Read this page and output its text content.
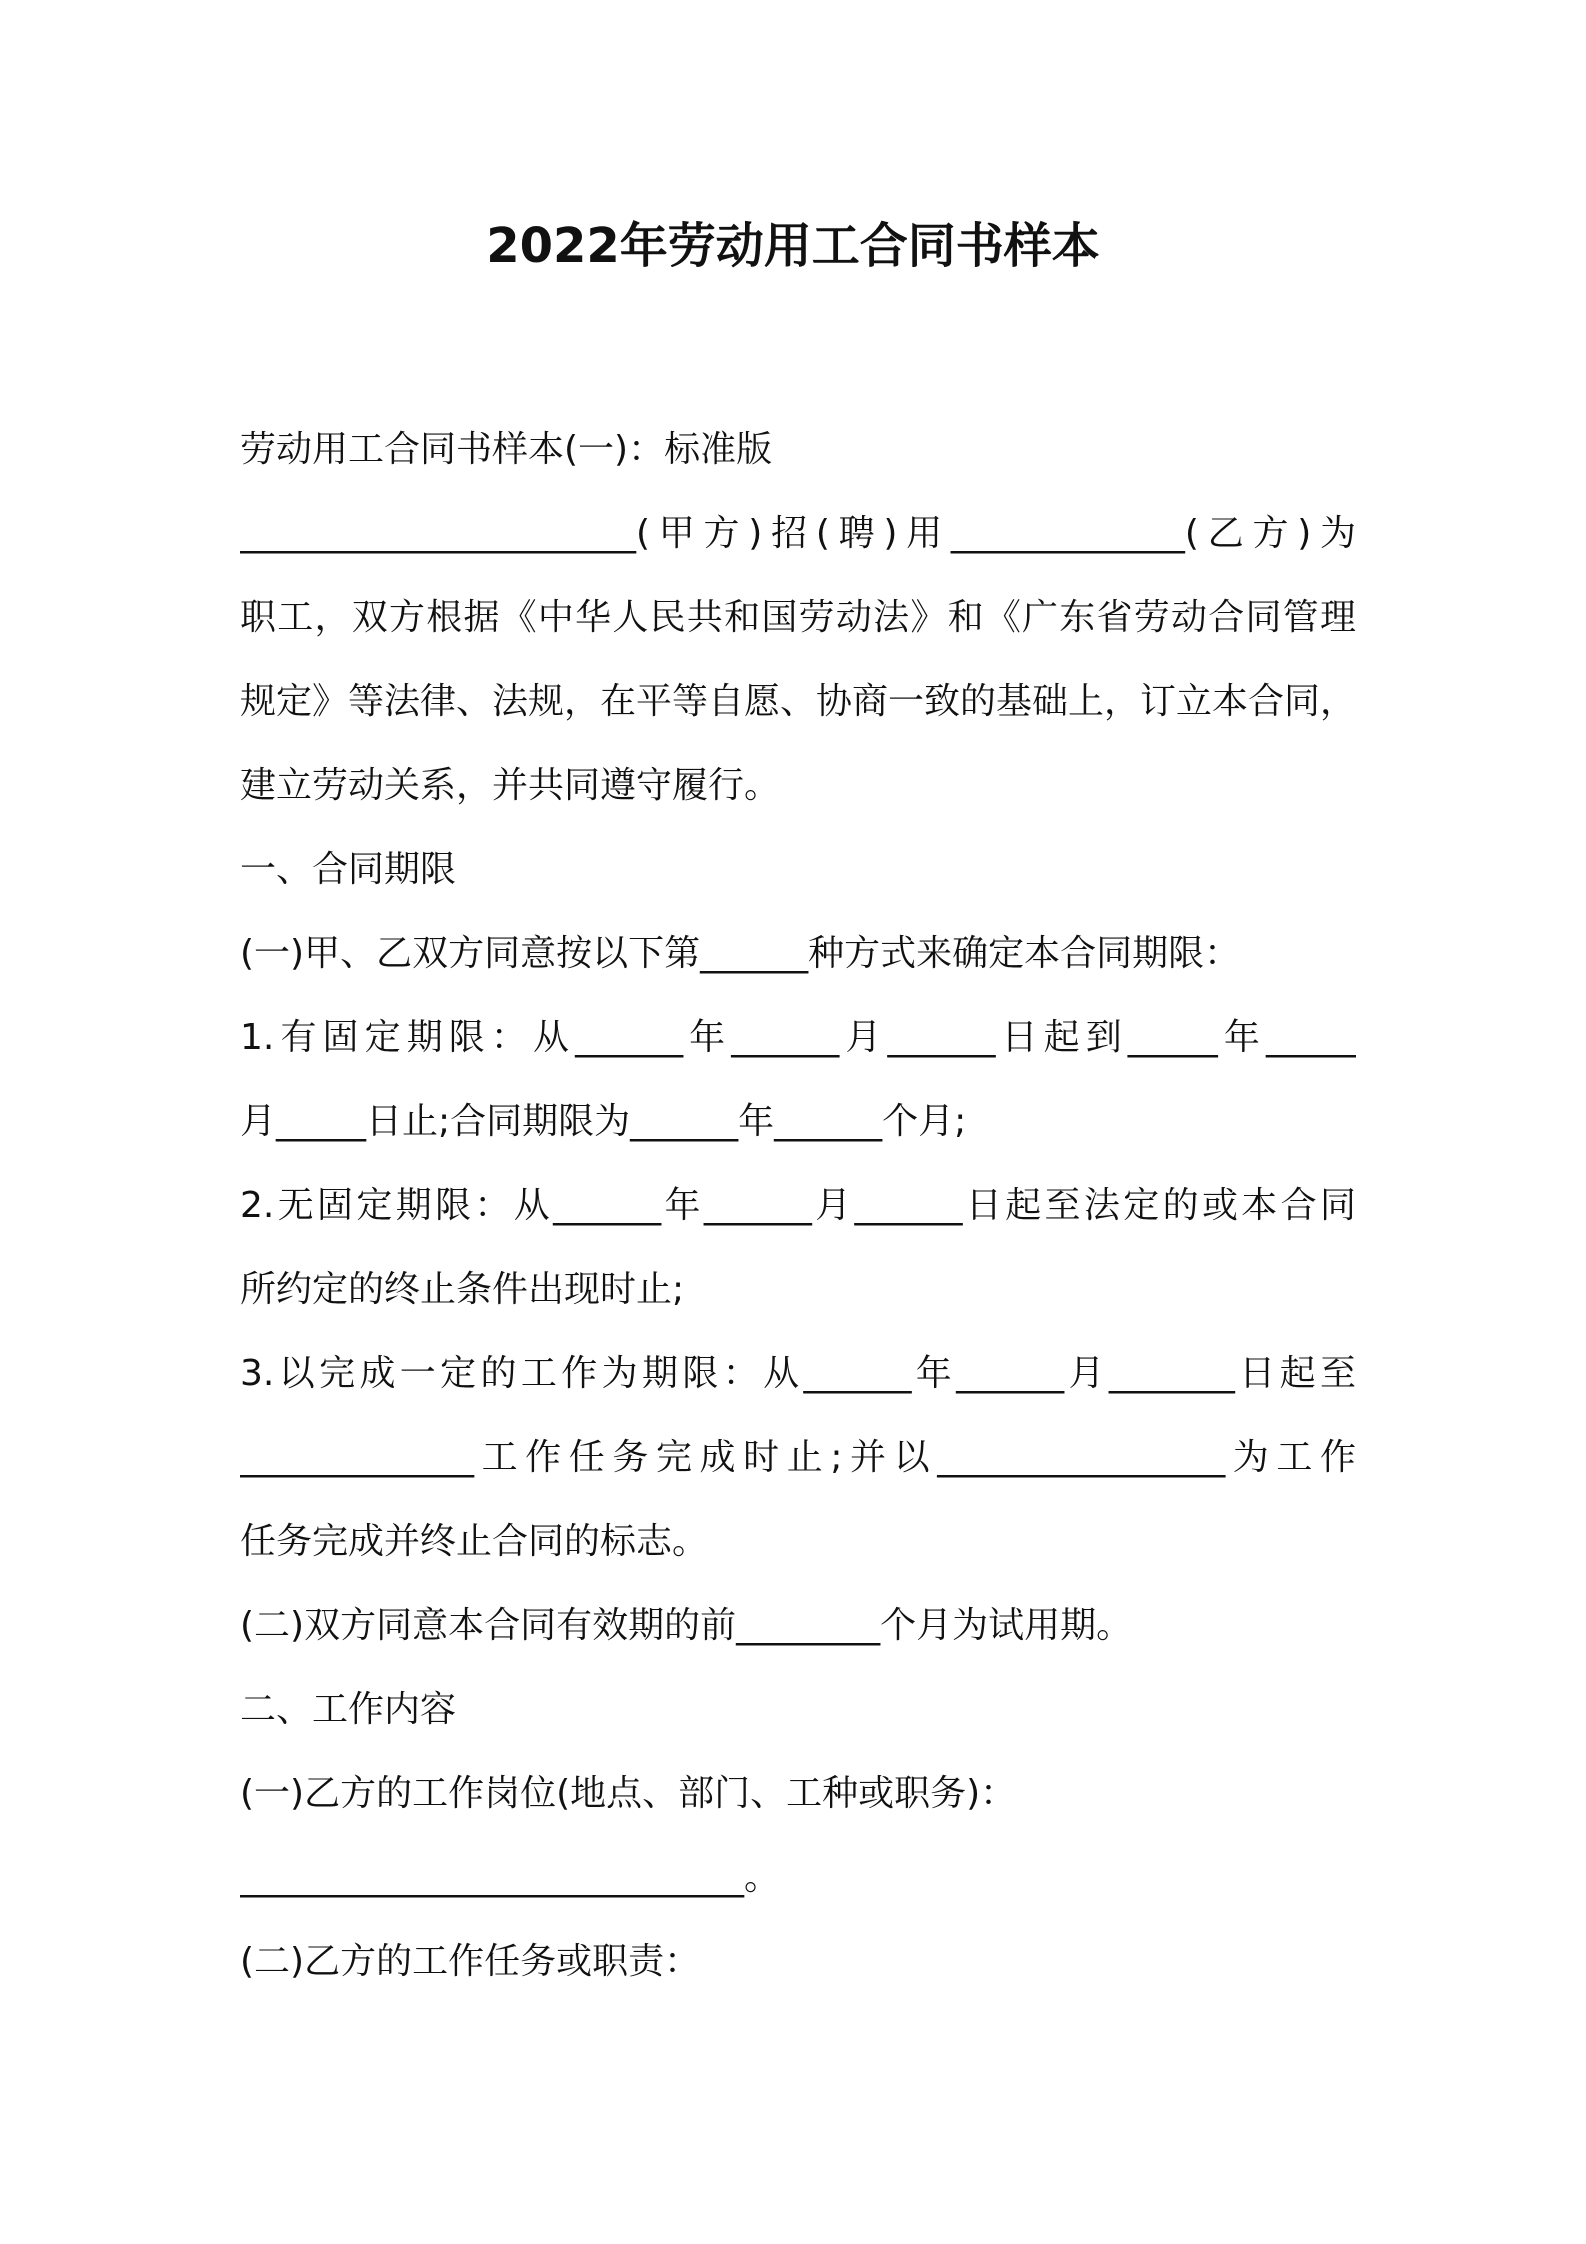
2022年劳动用工合同书样本
劳动用工合同书样本(一)：标准版
______________________(甲方)招(聘)用_____________(乙方)为
职工，双方根据《中华人民共和国劳动法》和《广东省劳动合同管理
规定》等法律、法规，在平等自愿、协商一致的基础上，订立本合同，
建立劳动关系，并共同遵守履行。
一、合同期限
(一)甲、乙双方同意按以下第______种方式来确定本合同期限：
1.有固定期限：从______年______月______日起到_____年_____
月_____日止;合同期限为______年______个月;
2.无固定期限：从______年______月______日起至法定的或本合同
所约定的终止条件出现时止;
3.以完成一定的工作为期限：从______年______月_______日起至
_____________工作任务完成时止;并以________________为工作
任务完成并终止合同的标志。
(二)双方同意本合同有效期的前________个月为试用期。
二、工作内容
(一)乙方的工作岗位(地点、部门、工种或职务)：
____________________________。
(二)乙方的工作任务或职责：
